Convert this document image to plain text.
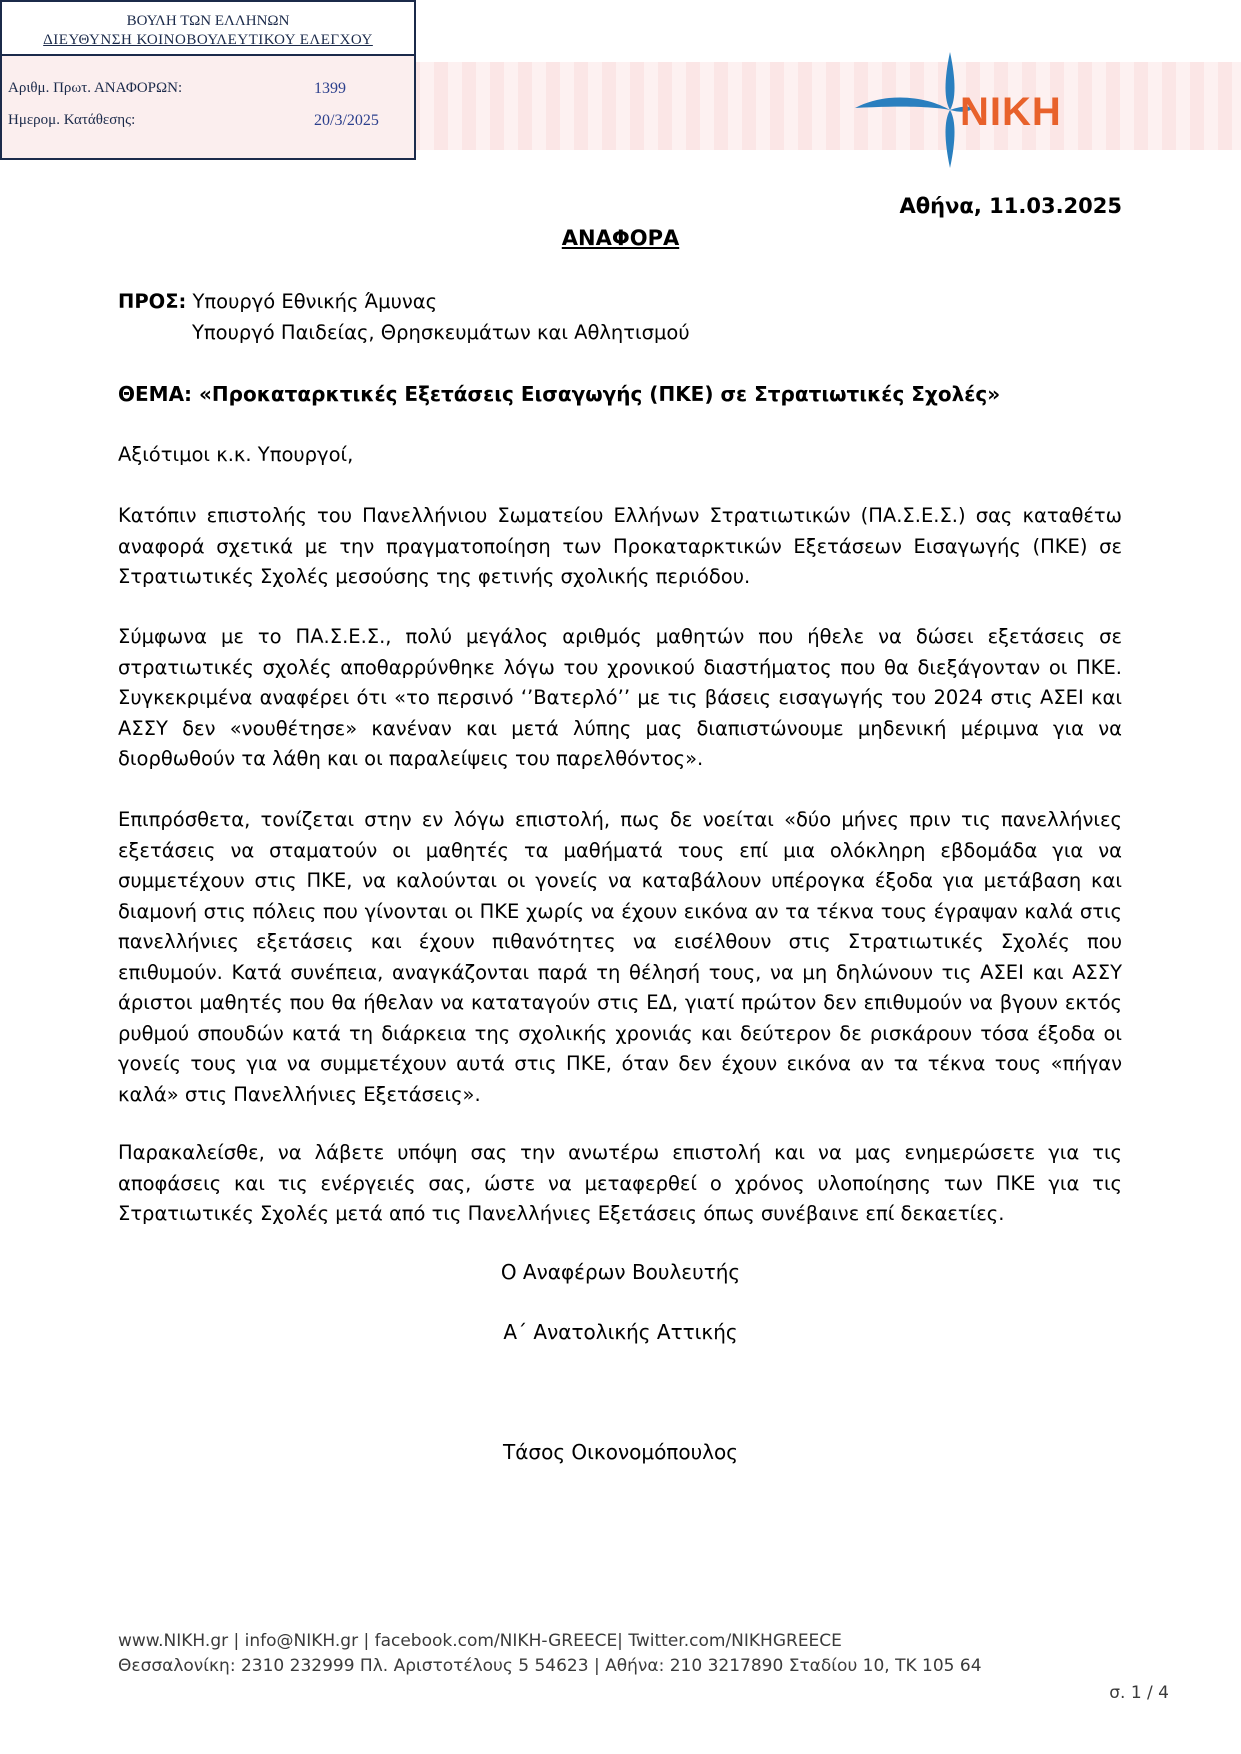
ΒΟΥΛΗ ΤΩΝ ΕΛΛΗΝΩΝ
ΔΙΕΥΘΥΝΣΗ ΚΟΙΝΟΒΟΥΛΕΥΤΙΚΟΥ ΕΛΕΓΧΟΥ
Αριθμ. Πρωτ. ΑΝΑΦΟΡΩΝ:	1399
Ημερομ. Κατάθεσης:	20/3/2025	NIKH
Αθήνα, 11.03.2025
ΑΝΑΦΟΡΑ
ΠΡΟΣ: Υπουργό Εθνικής Άμυνας
Υπουργό Παιδείας, Θρησκευμάτων και Αθλητισμού
ΘΕΜΑ: «Προκαταρκτικές Εξετάσεις Εισαγωγής (ΠΚΕ) σε Στρατιωτικές Σχολές»
Αξιότιμοι κ.κ. Υπουργοί,
Κατόπιν επιστολής του Πανελλήνιου Σωματείου Ελλήνων Στρατιωτικών (ΠΑ.Σ.Ε.Σ.) σας καταθέτω αναφορά σχετικά με την πραγματοποίηση των Προκαταρκτικών Εξετάσεων Εισαγωγής (ΠΚΕ) σε Στρατιωτικές Σχολές μεσούσης της φετινής σχολικής περιόδου.
Σύμφωνα με το ΠΑ.Σ.Ε.Σ., πολύ μεγάλος αριθμός μαθητών που ήθελε να δώσει εξετάσεις σε στρατιωτικές σχολές αποθαρρύνθηκε λόγω του χρονικού διαστήματος που θα διεξάγονταν οι ΠΚΕ. Συγκεκριμένα αναφέρει ότι «το περσινό ‘’Βατερλό’’ με τις βάσεις εισαγωγής του 2024 στις ΑΣΕΙ και ΑΣΣΥ δεν «νουθέτησε» κανέναν και μετά λύπης μας διαπιστώνουμε μηδενική μέριμνα για να διορθωθούν τα λάθη και οι παραλείψεις του παρελθόντος».
Επιπρόσθετα, τονίζεται στην εν λόγω επιστολή, πως δε νοείται «δύο μήνες πριν τις πανελλήνιες εξετάσεις να σταματούν οι μαθητές τα μαθήματά τους επί μια ολόκληρη εβδομάδα για να συμμετέχουν στις ΠΚΕ, να καλούνται οι γονείς να καταβάλουν υπέρογκα έξοδα για μετάβαση και διαμονή στις πόλεις που γίνονται οι ΠΚΕ χωρίς να έχουν εικόνα αν τα τέκνα τους έγραψαν καλά στις πανελλήνιες εξετάσεις και έχουν πιθανότητες να εισέλθουν στις Στρατιωτικές Σχολές που επιθυμούν. Κατά συνέπεια, αναγκάζονται παρά τη θέλησή τους, να μη δηλώνουν τις ΑΣΕΙ και ΑΣΣΥ άριστοι μαθητές που θα ήθελαν να καταταγούν στις ΕΔ, γιατί πρώτον δεν επιθυμούν να βγουν εκτός ρυθμού σπουδών κατά τη διάρκεια της σχολικής χρονιάς και δεύτερον δε ρισκάρουν τόσα έξοδα οι γονείς τους για να συμμετέχουν αυτά στις ΠΚΕ, όταν δεν έχουν εικόνα αν τα τέκνα τους «πήγαν καλά» στις Πανελλήνιες Εξετάσεις».
Παρακαλείσθε, να λάβετε υπόψη σας την ανωτέρω επιστολή και να μας ενημερώσετε για τις αποφάσεις και τις ενέργειές σας, ώστε να μεταφερθεί ο χρόνος υλοποίησης των ΠΚΕ για τις Στρατιωτικές Σχολές μετά από τις Πανελλήνιες Εξετάσεις όπως συνέβαινε επί δεκαετίες.
Ο Αναφέρων Βουλευτής
Α΄ Ανατολικής Αττικής
Τάσος Οικονομόπουλος
www.NIKH.gr | info@NIKH.gr | facebook.com/NIKH-GREECE| Twitter.com/NIKHGREECE
Θεσσαλονίκη: 2310 232999 Πλ. Αριστοτέλους 5 54623 | Αθήνα: 210 3217890 Σταδίου 10, ΤΚ 105 64
σ. 1 / 4
